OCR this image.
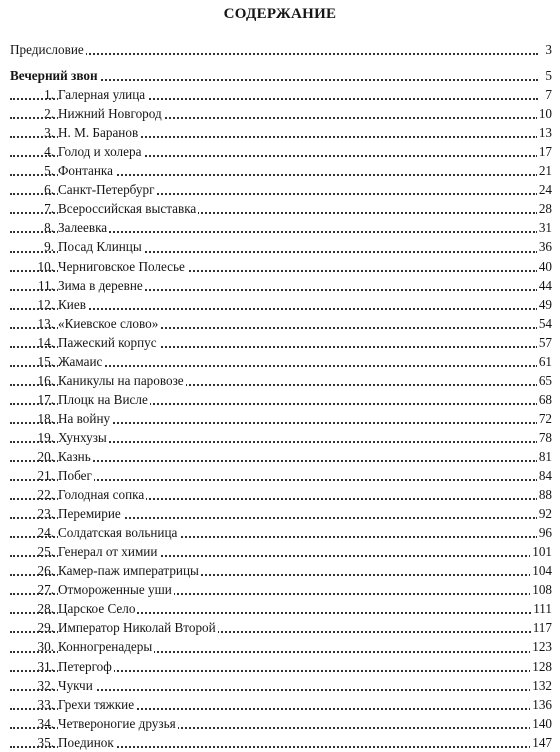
СОДЕРЖАНИЕ
Предисловие	3
Вечерний звон	5
1. Галерная улица	7
2. Нижний Новгород	10
3. Н. М. Баранов	13
4. Голод и холера	17
5. Фонтанка	21
6. Санкт-Петербург	24
7. Всероссийская выставка	28
8. Залеевка	31
9. Посад Клинцы	36
10. Черниговское Полесье	40
11. Зима в деревне	44
12. Киев	49
13. «Киевское слово»	54
14. Пажеский корпус	57
15. Жамаис	61
16. Каникулы на паровозе	65
17. Плоцк на Висле	68
18. На войну	72
19. Хунхузы	78
20. Казнь	81
21. Побег	84
22. Голодная сопка	88
23. Перемирие	92
24. Солдатская вольница	96
25. Генерал от химии	101
26. Камер-паж императрицы	104
27. Отмороженные уши	108
28. Царское Село	111
29. Император Николай Второй	117
30. Конногренадеры	123
31. Петергоф	128
32. Чукчи	132
33. Грехи тяжкие	136
34. Четвероногие друзья	140
35. Поединок	147
